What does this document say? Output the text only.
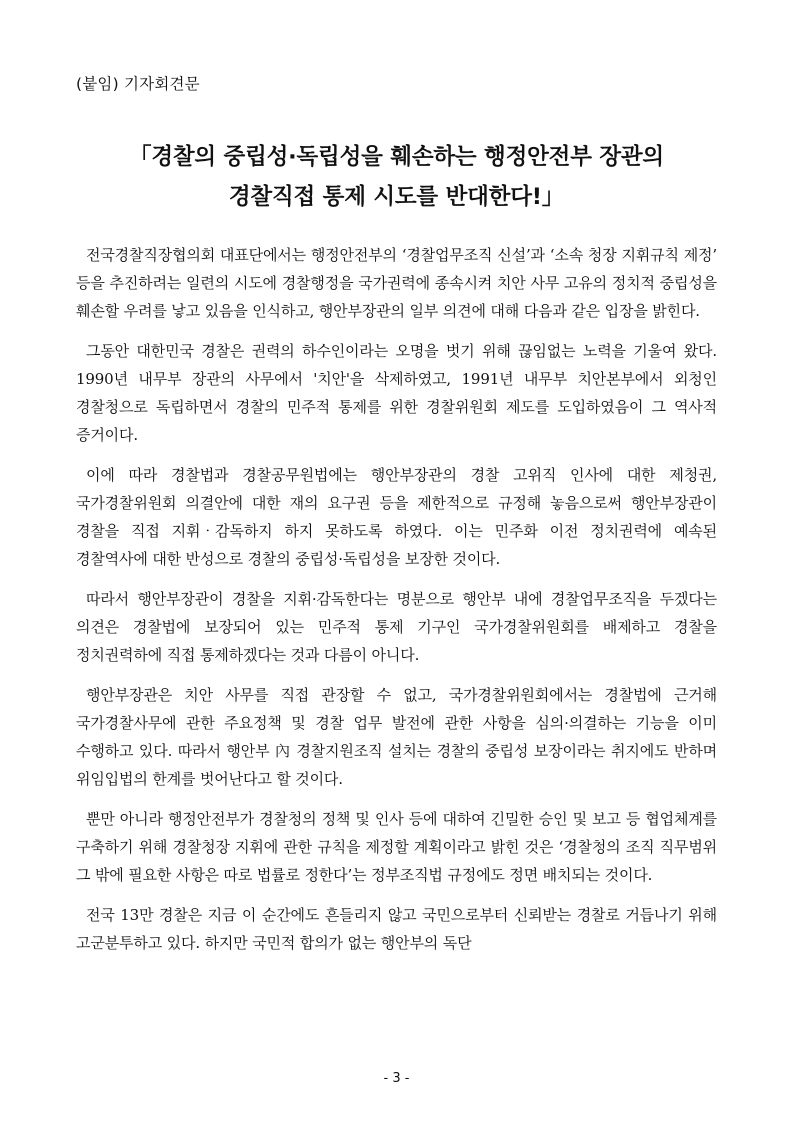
(붙임) 기자회견문
「경찰의 중립성·독립성을 훼손하는 행정안전부 장관의
경찰직접 통제 시도를 반대한다!」

전국경찰직장협의회 대표단에서는 행정안전부의 ‘경찰업무조직 신설’과 ‘소속 청장 지휘규칙 제정’ 등을 추진하려는 일련의 시도에 경찰행정을 국가권력에 종속시켜 치안 사무 고유의 정치적 중립성을 훼손할 우려를 낳고 있음을 인식하고, 행안부장관의 일부 의견에 대해 다음과 같은 입장을 밝힌다.

그동안 대한민국 경찰은 권력의 하수인이라는 오명을 벗기 위해 끊임없는 노력을 기울여 왔다. 1990년 내무부 장관의 사무에서 '치안'을 삭제하였고, 1991년 내무부 치안본부에서 외청인 경찰청으로 독립하면서 경찰의 민주적 통제를 위한 경찰위원회 제도를 도입하였음이 그 역사적 증거이다.

이에 따라 경찰법과 경찰공무원법에는 행안부장관의 경찰 고위직 인사에 대한 제청권, 국가경찰위원회 의결안에 대한 재의 요구권 등을 제한적으로 규정해 놓음으로써 행안부장관이 경찰을 직접 지휘‧감독하지 하지 못하도록 하였다. 이는 민주화 이전 정치권력에 예속된 경찰역사에 대한 반성으로 경찰의 중립성·독립성을 보장한 것이다.

따라서 행안부장관이 경찰을 지휘·감독한다는 명분으로 행안부 내에 경찰업무조직을 두겠다는 의견은 경찰법에 보장되어 있는 민주적 통제 기구인 국가경찰위원회를 배제하고 경찰을 정치권력하에 직접 통제하겠다는 것과 다름이 아니다.

행안부장관은 치안 사무를 직접 관장할 수 없고, 국가경찰위원회에서는 경찰법에 근거해 국가경찰사무에 관한 주요정책 및 경찰 업무 발전에 관한 사항을 심의·의결하는 기능을 이미 수행하고 있다. 따라서 행안부 內 경찰지원조직 설치는 경찰의 중립성 보장이라는 취지에도 반하며 위임입법의 한계를 벗어난다고 할 것이다.

뿐만 아니라 행정안전부가 경찰청의 정책 및 인사 등에 대하여 긴밀한 승인 및 보고 등 협업체계를 구축하기 위해 경찰청장 지휘에 관한 규칙을 제정할 계획이라고 밝힌 것은 ‘경찰청의 조직 직무범위 그 밖에 필요한 사항은 따로 법률로 정한다’는 정부조직법 규정에도 정면 배치되는 것이다.

전국 13만 경찰은 지금 이 순간에도 흔들리지 않고 국민으로부터 신뢰받는 경찰로 거듭나기 위해 고군분투하고 있다. 하지만 국민적 합의가 없는 행안부의 독단

- 3 -
